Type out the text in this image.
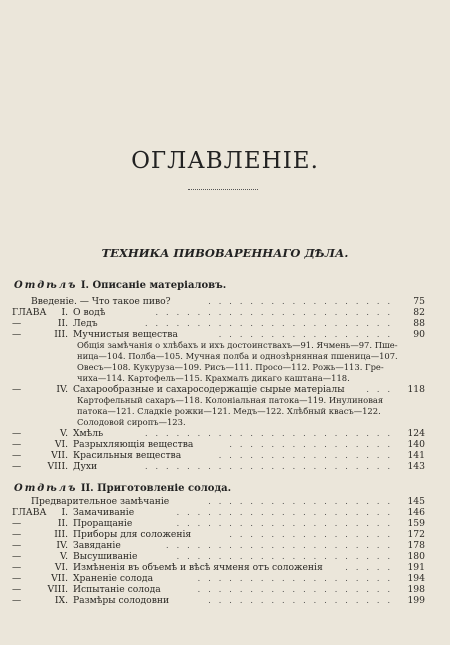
ОГЛАВЛЕНІЕ.
ТЕХНИКА ПИВОВАРЕННАГО ДѢЛА.
Отдѣлъ I. Описаніе матеріаловъ.
Введеніе. — Что такое пиво?	75
..................
ГЛАВА	I. О водѣ	82
.......................
—	II. Ледъ	88
........................
—	III. Мучнистыя вещества	90
.................
Общія замѣчанія о хлѣбахъ и ихъ достоинствахъ—91. Ячмень—97. Пше-
ница—104. Полба—105. Мучная полба и однозѣрнянная пшеница—107.
Овесъ—108. Кукуруза—109. Рисъ—111. Просо—112. Рожь—113. Гре-
чиха—114. Картофель—115. Крахмалъ дикаго каштана—118.
—	IV. Сахарообразные и сахаросодержащіе сырые матеріалы	118
...
Картофельный сахаръ—118. Колоніальная патока—119. Инулиновая
патока—121. Сладкіе рожки—121. Медъ—122. Хлѣбный квасъ—122.
Солодовой сиропъ—123.
—	V. Хмѣль	124
........................
—	VI. Разрыхляющія вещества	140
................
—	VII. Красильныя вещества	141
.................
—	VIII. Духи	143
........................
Отдѣлъ II. Приготовленіе солода.
Предварительное замѣчаніе	145
..................
ГЛАВА	I. Замачиваніе	146
.....................
—	II. Проращаніе	159
.....................
—	III. Приборы для соложенія	172
................
—	IV. Завяданіе	178
......................
—	V. Высушиваніе	180
.....................
—	VI. Измѣненія въ объемѣ и вѣсѣ ячменя отъ соложенія	191
.....
—	VII. Храненіе солода	194
...................
—	VIII. Испытаніе солода	198
...................
—	IX. Размѣры солодовни	199
..................
